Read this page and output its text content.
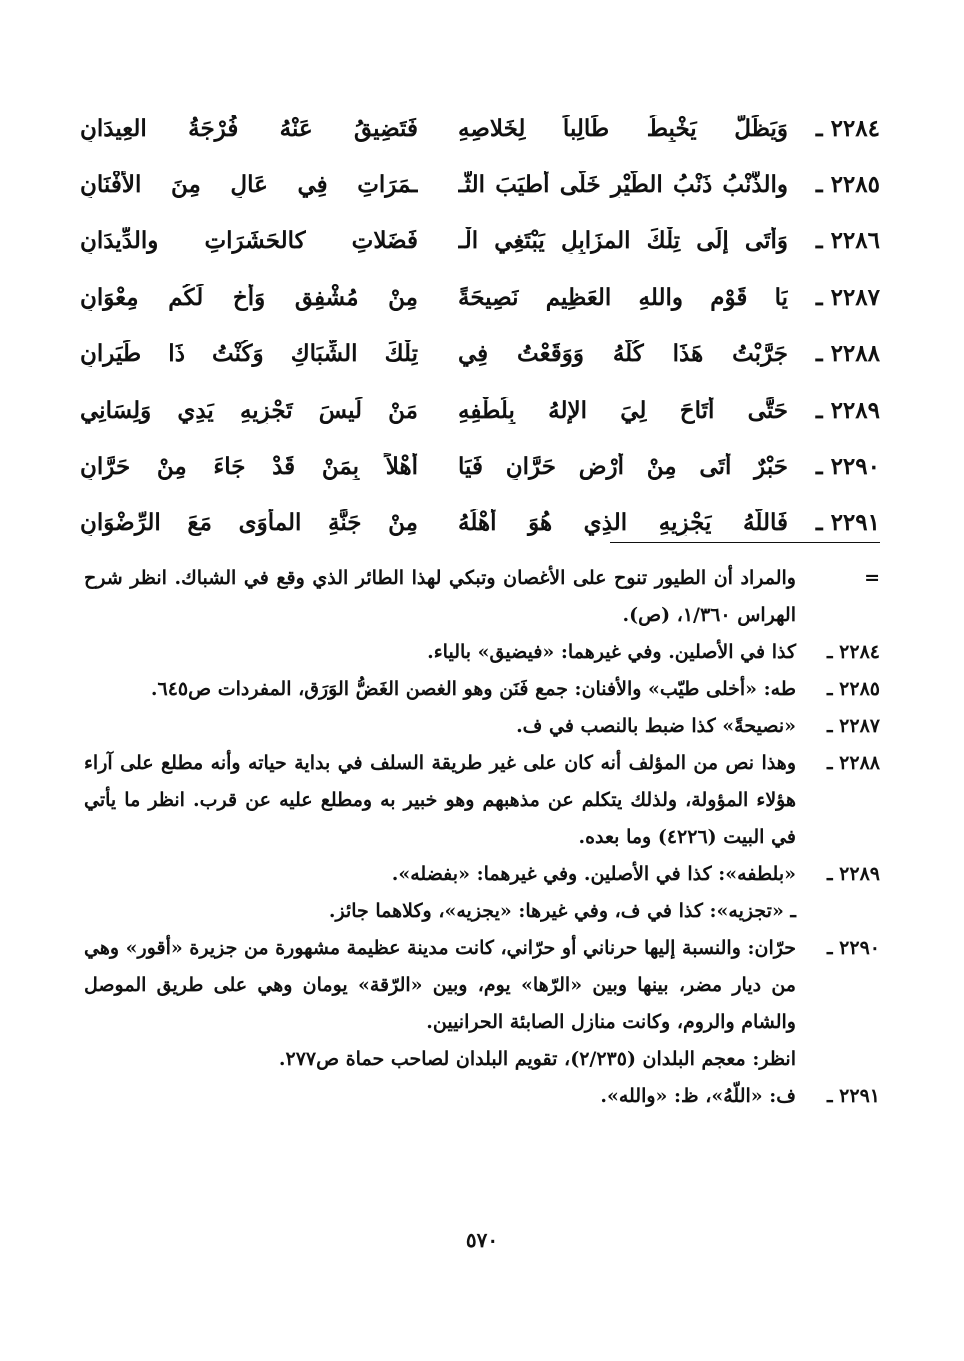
٢٢٨٤ ـ
وَيَظَلُّ يَخْبِطُ طَالِباً لِخَلاصِهِ
فَتَضِيقُ عَنْهُ فُرْجَةُ العِيدَانِ
٢٢٨٥ ـ
والذَّنْبُ ذَنْبُ الطَّيْرِ خَلَّى أطيَبَ الثَّـ
ـمَرَاتِ فِي عَالٍ مِنَ الأَفْنَانِ
٢٢٨٦ ـ
وَأَتَى إِلَى تِلْكَ المزَابِلِ يَبْتَغِي الْـ
فَضَلاتِ كالحَشَرَاتِ والدِّيدَانِ
٢٢٨٧ ـ
يَا قَوْمِ واللهِ العَظِيمِ نَصِيحَةً
مِنْ مُشْفِقٍ وَأخٍ لَكُم مِعْوَانِ
٢٢٨٨ ـ
جَرَّبْتُ هَذَا كُلَّهُ وَوَقَعْتُ فِي
تِلْكَ الشِّبَاكِ وَكُنْتُ ذَا طَيَرانِ
٢٢٨٩ ـ
حَتَّى أتَاحَ لِيَ الإلهُ بِلُطْفِهِ
مَنْ لَيسَ تَجْزِيهِ يَدِي وَلِسَانِي
٢٢٩٠ ـ
حَبْرٌ أَتَى مِنْ أرْضِ حَرَّانٍ فَيَا
أَهْلاً بِمَنْ قَدْ جَاءَ مِنْ حَرَّانِ
٢٢٩١ ـ
فَاللَّهُ يَجْزِيهِ الذِي هُوَ أَهْلُهُ
مِنْ جَنَّةِ المأْوَى مَعَ الرِّضْوَانِ
=
والمراد أن الطيور تنوح على الأغصان وتبكي لهذا الطائر الذي وقع في الشباك. انظر شرح الهراس ١/٣٦٠، (ص).
٢٢٨٤ ـ
كذا في الأصلين. وفي غيرهما: «فيضيق» بالياء.
٢٢٨٥ ـ
طه: «أخلى طيّب» والأفنان: جمع فَنَن وهو الغصن الغَضُّ الوَرَق، المفردات ص٦٤٥.
٢٢٨٧ ـ
«نصيحةً» كذا ضبط بالنصب في ف.
٢٢٨٨ ـ
وهذا نص من المؤلف أنه كان على غير طريقة السلف في بداية حياته وأنه مطلع على آراء هؤلاء المؤولة، ولذلك يتكلم عن مذهبهم وهو خبير به ومطلع عليه عن قرب. انظر ما يأتي في البيت (٤٢٢٦) وما بعده.
٢٢٨٩ ـ
«بلطفه»: كذا في الأصلين. وفي غيرهما: «بفضله».
ـ «تجزيه»: كذا في ف، وفي غيرها: «يجزيه»، وكلاهما جائز.
٢٢٩٠ ـ
حرّان: والنسبة إليها حرناني أو حرّاني، كانت مدينة عظيمة مشهورة من جزيرة «أقور» وهي من ديار مضر، بينها وبين «الرّها» يوم، وبين «الرّقة» يومان وهي على طريق الموصل والشام والروم، وكانت منازل الصابئة الحرانيين.
انظر: معجم البلدان (٢/٢٣٥)، تقويم البلدان لصاحب حماة ص٢٧٧.
٢٢٩١ ـ
ف: «اللّهُ»، ظ: «والله».
٥٧٠
